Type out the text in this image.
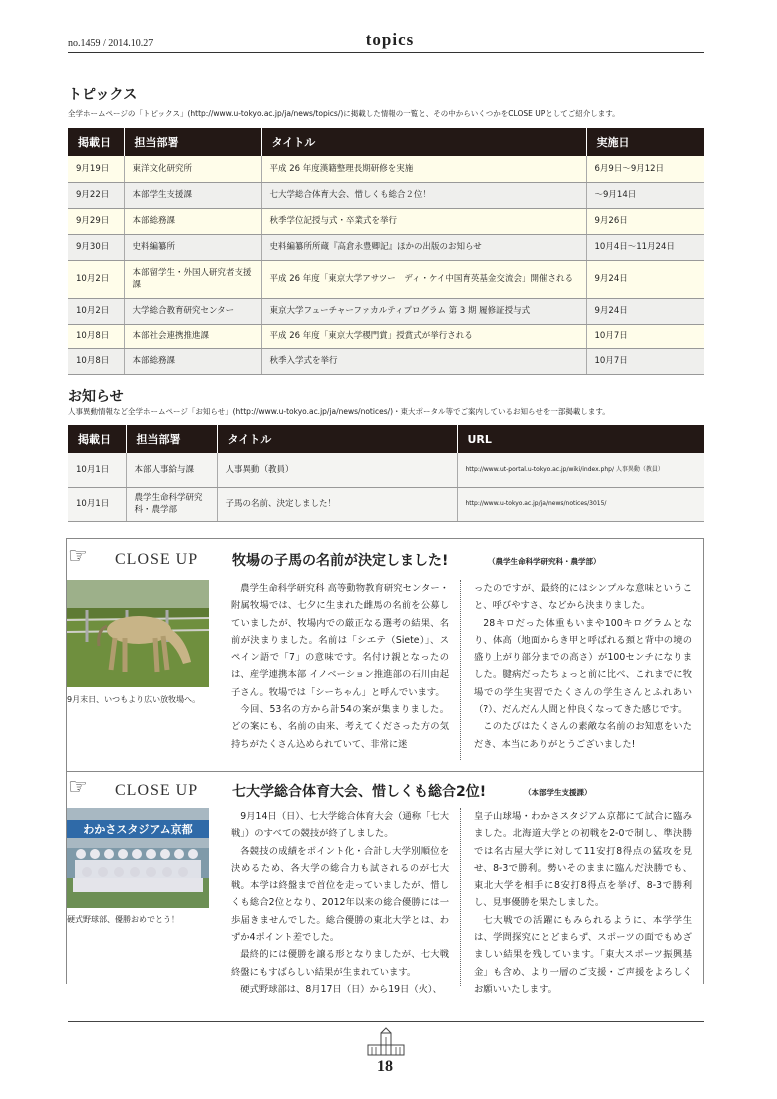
no.1459 / 2014.10.27	topics
トピックス
全学ホームページの「トピックス」(http://www.u-tokyo.ac.jp/ja/news/topics/)に掲載した情報の一覧と、その中からいくつかをCLOSE UPとしてご紹介します。
掲載日	担当部署	タイトル	実施日
9月19日	東洋文化研究所	平成 26 年度漢籍整理長期研修を実施	6月9日〜9月12日
9月22日	本部学生支援課	七大学総合体育大会、惜しくも総合２位！	〜9月14日
9月29日	本部総務課	秋季学位記授与式・卒業式を挙行	9月26日
9月30日	史料編纂所	史料編纂所所蔵『高倉永豊卿記』ほかの出版のお知らせ	10月4日〜11月24日
10月2日	本部留学生・外国人研究者支援課	平成 26 年度「東京大学アサツー　ディ・ケイ中国育英基金交流会」開催される	9月24日
10月2日	大学総合教育研究センター	東京大学フューチャーファカルティプログラム 第 3 期 履修証授与式	9月24日
10月8日	本部社会連携推進課	平成 26 年度「東京大学稷門賞」授賞式が挙行される	10月7日
10月8日	本部総務課	秋季入学式を挙行	10月7日
お知らせ
人事異動情報など全学ホームページ「お知らせ」(http://www.u-tokyo.ac.jp/ja/news/notices/)・東大ポータル等でご案内しているお知らせを一部掲載します。
掲載日	担当部署	タイトル	URL
10月1日	本部人事給与課	人事異動（教員）	http://www.ut-portal.u-tokyo.ac.jp/wiki/index.php/ 人事異動（教員）
10月1日	農学生命科学研究科・農学部	子馬の名前、決定しました！	http://www.u-tokyo.ac.jp/ja/news/notices/3015/
☞ CLOSE UP 牧場の子馬の名前が決定しました!	（農学生命科学研究科・農学部）
9月末日、いつもより広い放牧場へ。

農学生命科学研究科 高等動物教育研究センター・附属牧場では、七夕に生まれた雌馬の名前を公募していましたが、牧場内での厳正なる選考の結果、名前が決まりました。名前は「シエテ（Siete）」、スペイン語で「7」の意味です。名付け親となったのは、産学連携本部 イノベーション推進部の石川由起子さん。牧場では「シーちゃん」と呼んでいます。

今回、53名の方から計54の案が集まりました。どの案にも、名前の由来、考えてくださった方の気持ちがたくさん込められていて、非常に迷

ったのですが、最終的にはシンプルな意味ということ、呼びやすさ、などから決まりました。

28キロだった体重もいまや100キログラムとなり、体高（地面からき甲と呼ばれる頚と背中の境の盛り上がり部分までの高さ）が100センチになりました。腱病だったちょっと前に比べ、これまでに牧場での学生実習でたくさんの学生さんとふれあい（?）、だんだん人間と仲良くなってきた感じです。

このたびはたくさんの素敵な名前のお知恵をいただき、本当にありがとうございました!

☞ CLOSE UP 七大学総合体育大会、惜しくも総合2位!	（本部学生支援課）
わかさスタジアム京都
硬式野球部、優勝おめでとう！

9月14日（日）、七大学総合体育大会（通称「七大戦」）のすべての競技が終了しました。

各競技の成績をポイント化・合計し大学別順位を決めるため、各大学の総合力も試されるのが七大戦。本学は終盤まで首位を走っていましたが、惜しくも総合2位となり、2012年以来の総合優勝には一歩届きませんでした。総合優勝の東北大学とは、わずか4ポイント差でした。

最終的には優勝を譲る形となりましたが、七大戦終盤にもすばらしい結果が生まれています。

硬式野球部は、8月17日（日）から19日（火）、

皇子山球場・わかさスタジアム京都にて試合に臨みました。北海道大学との初戦を2-0で制し、準決勝では名古屋大学に対して11安打8得点の猛攻を見せ、8-3で勝利。勢いそのままに臨んだ決勝でも、東北大学を相手に8安打8得点を挙げ、8-3で勝利し、見事優勝を果たしました。

七大戦での活躍にもみられるように、本学学生は、学問探究にとどまらず、スポーツの面でもめざましい結果を残しています。「東大スポーツ振興基金」も含め、より一層のご支援・ご声援をよろしくお願いいたします。

18
